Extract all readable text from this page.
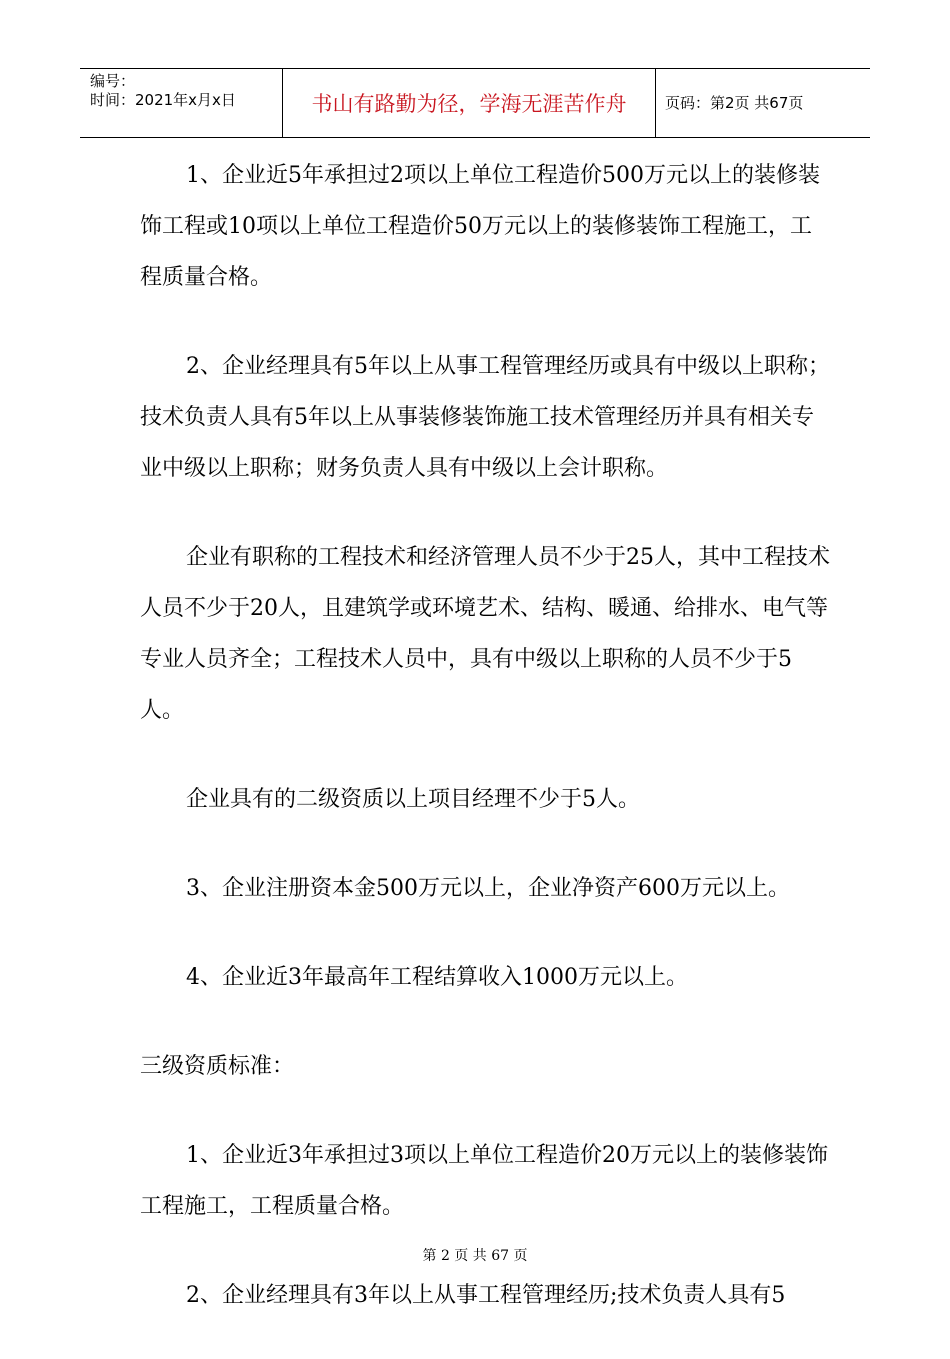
编号：
时间：2021年x月x日	书山有路勤为径，学海无涯苦作舟	页码：第2页 共67页

1、企业近5年承担过2项以上单位工程造价500万元以上的装修装饰工程或10项以上单位工程造价50万元以上的装修装饰工程施工，工程质量合格。

2、企业经理具有5年以上从事工程管理经历或具有中级以上职称；技术负责人具有5年以上从事装修装饰施工技术管理经历并具有相关专业中级以上职称；财务负责人具有中级以上会计职称。

企业有职称的工程技术和经济管理人员不少于25人，其中工程技术人员不少于20人，且建筑学或环境艺术、结构、暖通、给排水、电气等专业人员齐全；工程技术人员中，具有中级以上职称的人员不少于5人。

企业具有的二级资质以上项目经理不少于5人。

3、企业注册资本金500万元以上，企业净资产600万元以上。

4、企业近3年最高年工程结算收入1000万元以上。

三级资质标准：

1、企业近3年承担过3项以上单位工程造价20万元以上的装修装饰工程施工，工程质量合格。

2、企业经理具有3年以上从事工程管理经历;技术负责人具有5

第 2 页 共 67 页
